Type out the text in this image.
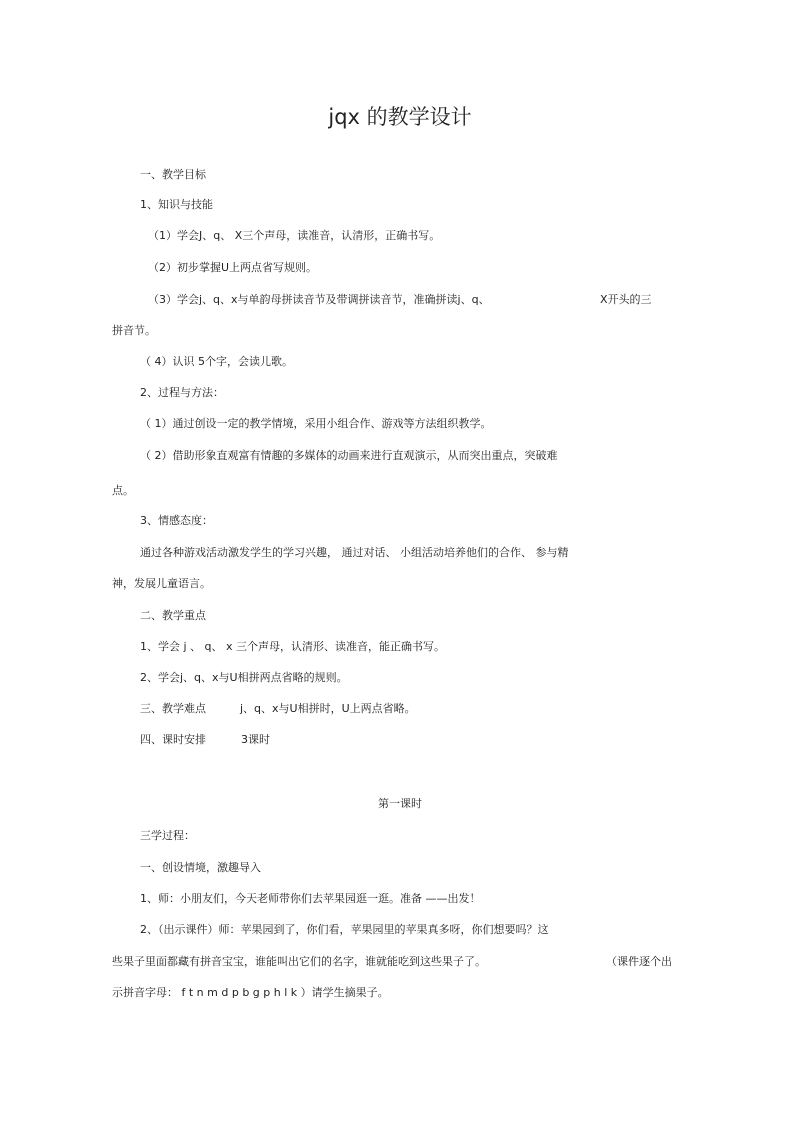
jqx 的教学设计
一、教学目标
1、知识与技能
（1）学会J、q、 X三个声母，读准音，认清形，正确书写。
（2）初步掌握U上两点省写规则。
（3）学会j、q、x与单韵母拼读音节及带调拼读音节，准确拼读j、q、	X开头的三
拼音节。
（ 4）认识 5个字，会读儿歌。
2、过程与方法：
（ 1）通过创设一定的教学情境，采用小组合作、游戏等方法组织教学。
（ 2）借助形象直观富有情趣的多媒体的动画来进行直观演示，从而突出重点，突破难
点。
3、情感态度：
通过各种游戏活动激发学生的学习兴趣， 通过对话、 小组活动培养他们的合作、 参与精
神，发展儿童语言。
二、教学重点
1、学会 j 、 q、 x 三个声母，认清形、读准音，能正确书写。
2、学会j、q、x与U相拼两点省略的规则。
三、教学难点	j、q、x与U相拼时，U上两点省略。
四、课时安排	3课时
第一课时
三学过程：
一、创设情境，激趣导入
1、师：小朋友们，今天老师带你们去苹果园逛一逛。准备 ——出发！
2、（出示课件）师：苹果园到了，你们看，苹果园里的苹果真多呀，你们想要吗？这
些果子里面都藏有拼音宝宝，谁能叫出它们的名字，谁就能吃到这些果子了。	（课件逐个出
示拼音字母： f t n m d p b g p h l k ）请学生摘果子。
